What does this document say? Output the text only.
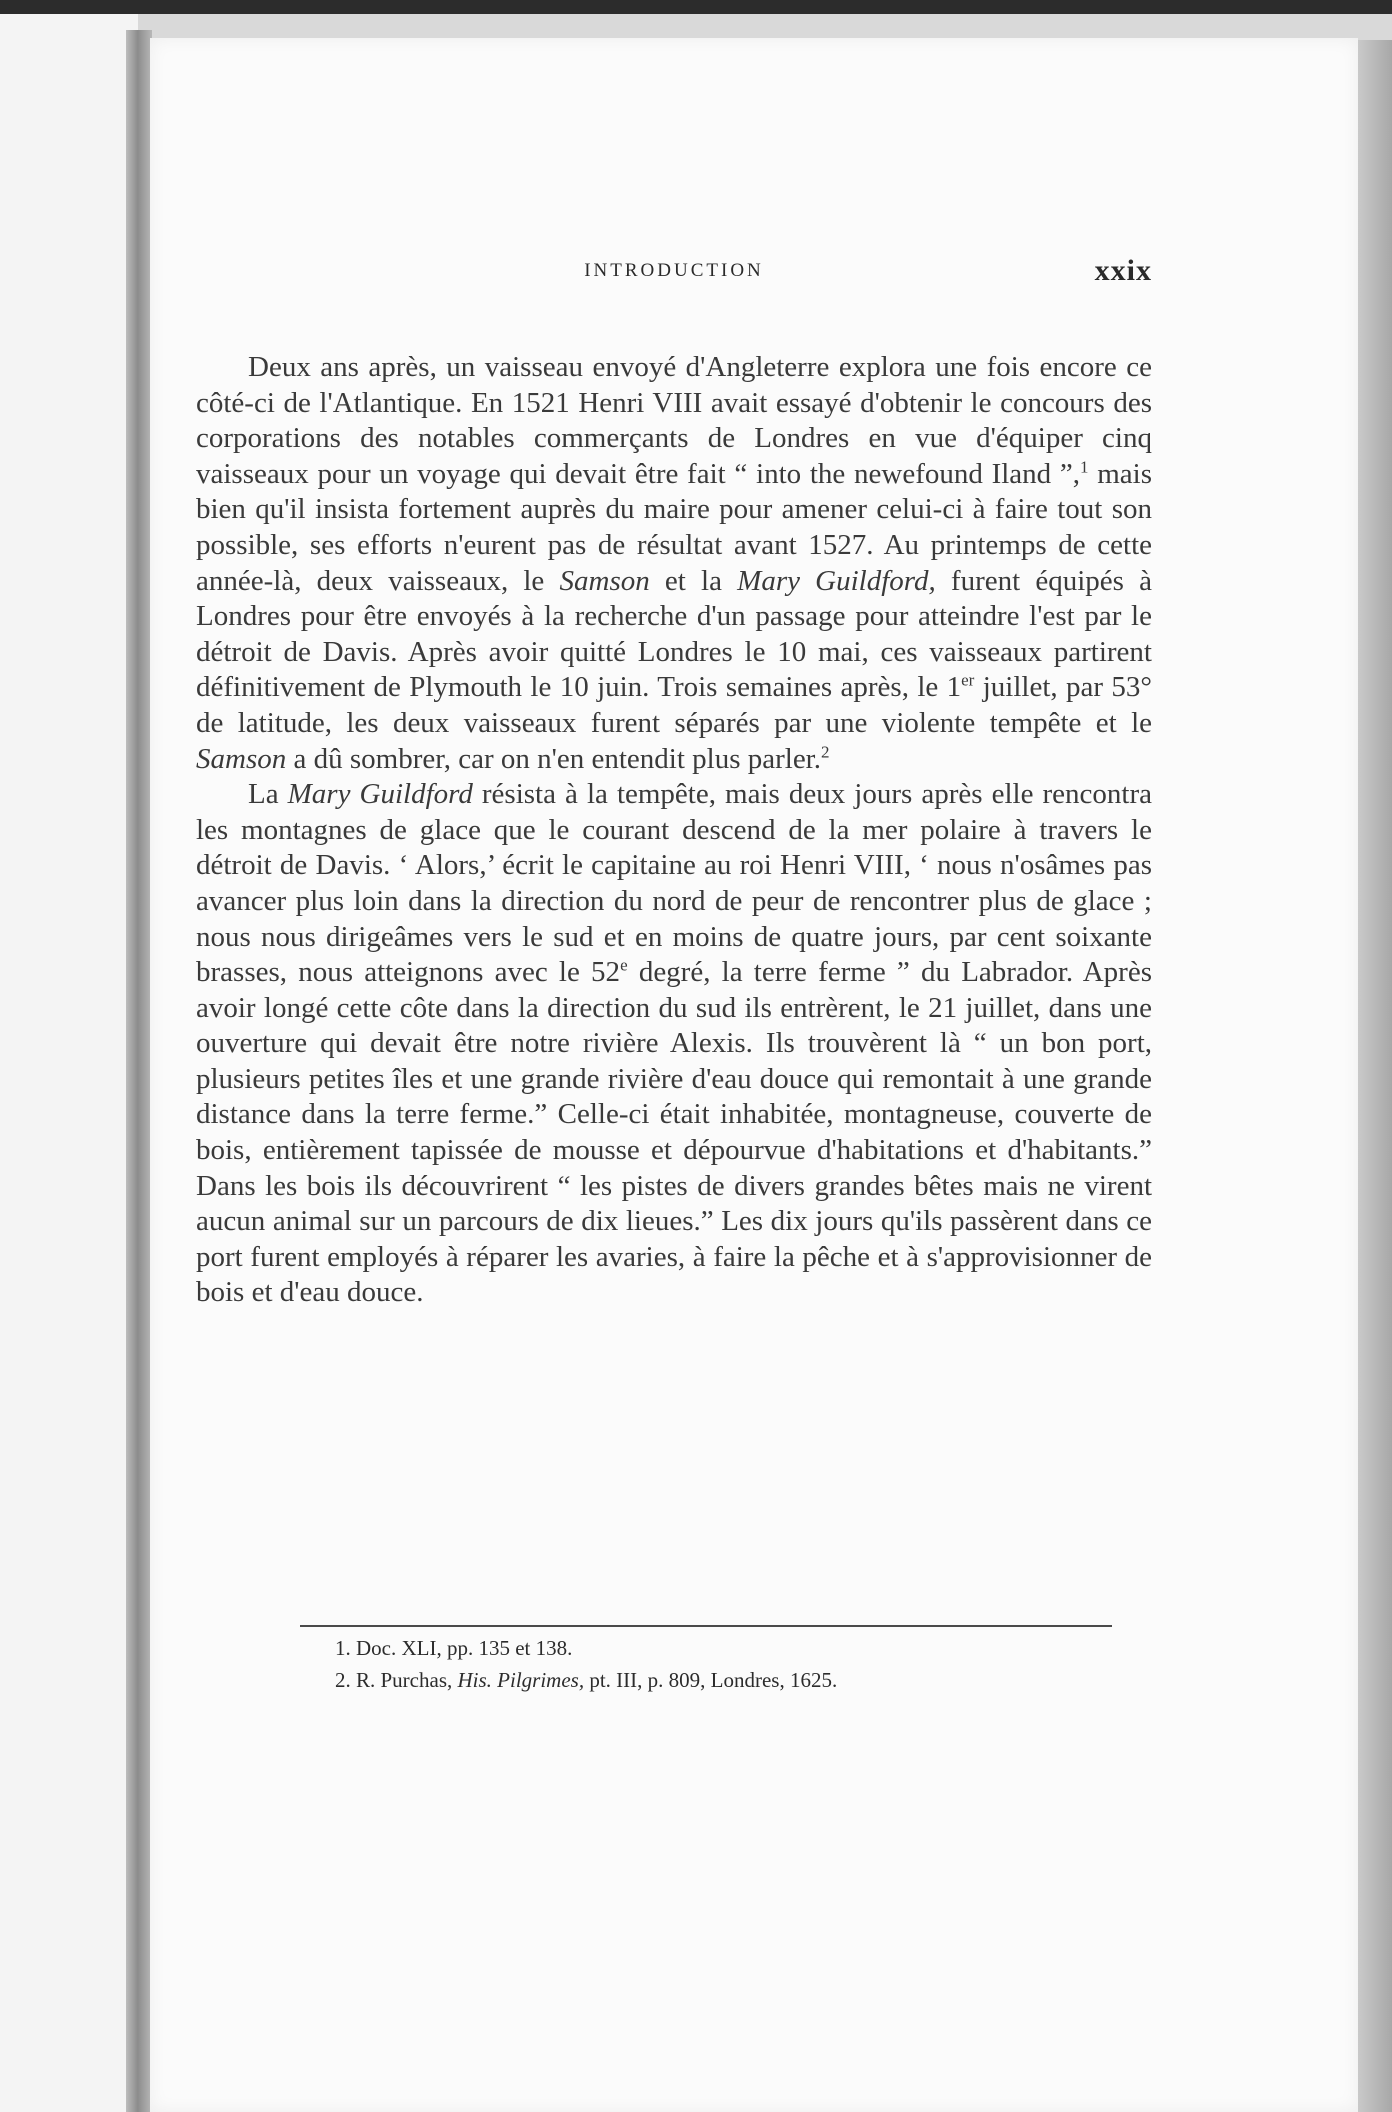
INTRODUCTION	xxix

Deux ans après, un vaisseau envoyé d'Angleterre explora une fois encore ce côté-ci de l'Atlantique. En 1521 Henri VIII avait essayé d'obtenir le concours des corporations des notables commerçants de Londres en vue d'équiper cinq vaisseaux pour un voyage qui devait être fait “ into the newefound Iland ”,$^1$ mais bien qu'il insista fortement auprès du maire pour amener celui-ci à faire tout son possible, ses efforts n'eurent pas de résultat avant 1527. Au printemps de cette année-là, deux vaisseaux, le Samson et la Mary Guildford, furent équipés à Londres pour être envoyés à la recherche d'un passage pour atteindre l'est par le détroit de Davis. Après avoir quitté Londres le 10 mai, ces vaisseaux partirent définitivement de Plymouth le 10 juin. Trois semaines après, le 1er juillet, par 53° de latitude, les deux vaisseaux furent séparés par une violente tempête et le Samson a dû sombrer, car on n'en entendit plus parler.$^2$

La Mary Guildford résista à la tempête, mais deux jours après elle rencontra les montagnes de glace que le courant descend de la mer polaire à travers le détroit de Davis. ‘ Alors,’ écrit le capitaine au roi Henri VIII, ‘ nous n'osâmes pas avancer plus loin dans la direction du nord de peur de rencontrer plus de glace ; nous nous dirigeâmes vers le sud et en moins de quatre jours, par cent soixante brasses, nous atteignons avec le 52e degré, la terre ferme ” du Labrador. Après avoir longé cette côte dans la direction du sud ils entrèrent, le 21 juillet, dans une ouverture qui devait être notre rivière Alexis. Ils trouvèrent là “ un bon port, plusieurs petites îles et une grande rivière d'eau douce qui remontait à une grande distance dans la terre ferme.” Celle-ci était inhabitée, montagneuse, couverte de bois, entièrement tapissée de mousse et dépourvue d'habitations et d'habitants.” Dans les bois ils découvrirent “ les pistes de divers grandes bêtes mais ne virent aucun animal sur un parcours de dix lieues.” Les dix jours qu'ils passèrent dans ce port furent employés à réparer les avaries, à faire la pêche et à s'approvisionner de bois et d'eau douce.

1. Doc. XLI, pp. 135 et 138.
2. R. Purchas, His. Pilgrimes, pt. III, p. 809, Londres, 1625.
